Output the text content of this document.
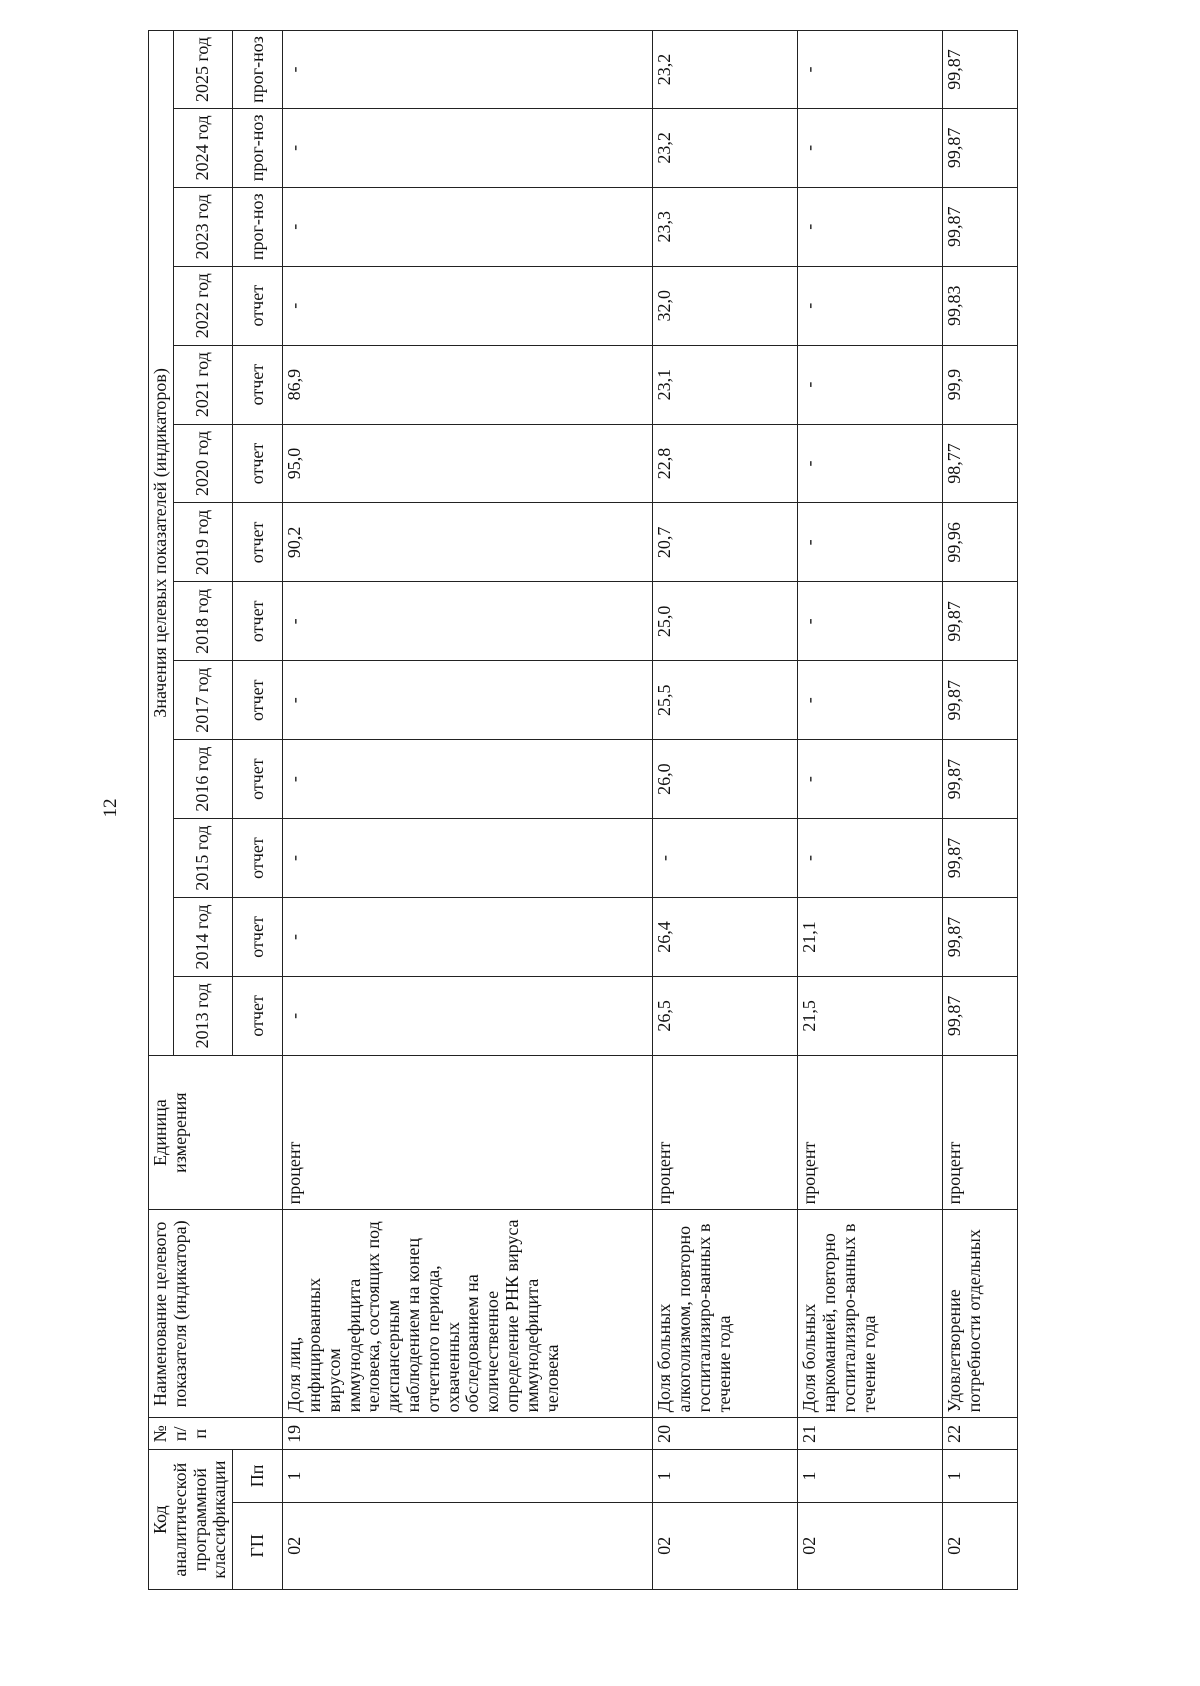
12
Код аналитической программной классификации		№ п/п	Наименование целевого показателя (индикатора)	Единица измерения	Значения целевых показателей (индикаторов)												
					2013 год	2014 год	2015 год	2016 год	2017 год	2018 год	2019 год	2020 год	2021 год	2022 год	2023 год	2024 год	2025 год
ГП	Пп				отчет	отчет	отчет	отчет	отчет	отчет	отчет	отчет	отчет	отчет	прог-ноз	прог-ноз	прог-ноз
02	1	19	Доля лиц, инфицированных вирусом иммунодефицита человека, состоящих под диспансерным наблюдением на конец отчетного периода, охваченных обследованием на количественное определение РНК вируса иммунодефицита человека	процент	-	-	-	-	-	-	90,2	95,0	86,9	-	-	-	-
02	1	20	Доля больных алкоголизмом, повторно госпитализиро-ванных в течение года	процент	26,5	26,4	-	26,0	25,5	25,0	20,7	22,8	23,1	32,0	23,3	23,2	23,2
02	1	21	Доля больных наркоманией, повторно госпитализиро-ванных в течение года	процент	21,5	21,1	-	-	-	-	-	-	-	-	-	-	-
02	1	22	Удовлетворение потребности отдельных	процент	99,87	99,87	99,87	99,87	99,87	99,87	99,96	98,77	99,9	99,83	99,87	99,87	99,87
